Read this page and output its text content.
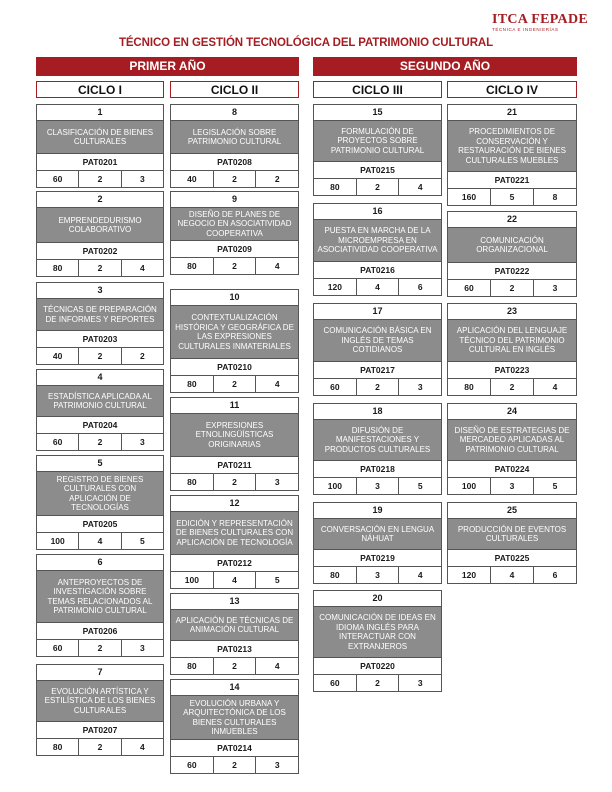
ITCA FEPADE
TÉCNICA E INGENIERÍAS
TÉCNICO EN GESTIÓN TECNOLÓGICA DEL PATRIMONIO CULTURAL
PRIMER AÑO	SEGUNDO AÑO
CICLO I	CICLO II	CICLO III	CICLO IV
1
CLASIFICACIÓN DE BIENES CULTURALES
PAT0201
60	2	3
2
EMPRENDEDURISMO COLABORATIVO
PAT0202
80	2	4
3
TÉCNICAS DE PREPARACIÓN DE INFORMES Y REPORTES
PAT0203
40	2	2
4
ESTADÍSTICA APLICADA AL PATRIMONIO CULTURAL
PAT0204
60	2	3
5
REGISTRO DE BIENES CULTURALES CON APLICACIÓN DE TECNOLOGÍAS
PAT0205
100	4	5
6
ANTEPROYECTOS DE INVESTIGACIÓN SOBRE TEMAS RELACIONADOS AL PATRIMONIO CULTURAL
PAT0206
60	2	3
7
EVOLUCIÓN ARTÍSTICA Y ESTILÍSTICA DE LOS BIENES CULTURALES
PAT0207
80	2	4
8
LEGISLACIÓN SOBRE PATRIMONIO CULTURAL
PAT0208
40	2	2
9
DISEÑO DE PLANES DE NEGOCIO EN ASOCIATIVIDAD COOPERATIVA
PAT0209
80	2	4
10
CONTEXTUALIZACIÓN HISTÓRICA Y GEOGRÁFICA DE LAS EXPRESIONES CULTURALES INMATERIALES
PAT0210
80	2	4
11
EXPRESIONES ETNOLINGÜÍSTICAS ORIGINARIAS
PAT0211
80	2	3
12
EDICIÓN Y REPRESENTACIÓN DE BIENES CULTURALES CON APLICACIÓN DE TECNOLOGÍA
PAT0212
100	4	5
13
APLICACIÓN DE TÉCNICAS DE ANIMACIÓN CULTURAL
PAT0213
80	2	4
14
EVOLUCIÓN URBANA Y ARQUITECTÓNICA DE LOS BIENES CULTURALES INMUEBLES
PAT0214
60	2	3
15
FORMULACIÓN DE PROYECTOS SOBRE PATRIMONIO CULTURAL
PAT0215
80	2	4
16
PUESTA EN MARCHA DE LA MICROEMPRESA EN ASOCIATIVIDAD COOPERATIVA
PAT0216
120	4	6
17
COMUNICACIÓN BÁSICA EN INGLÉS DE TEMAS COTIDIANOS
PAT0217
60	2	3
18
DIFUSIÓN DE MANIFESTACIONES Y PRODUCTOS CULTURALES
PAT0218
100	3	5
19
CONVERSACIÓN EN LENGUA NÁHUAT
PAT0219
80	3	4
20
COMUNICACIÓN DE IDEAS EN IDIOMA INGLÉS PARA INTERACTUAR CON EXTRANJEROS
PAT0220
60	2	3
21
PROCEDIMIENTOS DE CONSERVACIÓN Y RESTAURACIÓN DE BIENES CULTURALES MUEBLES
PAT0221
160	5	8
22
COMUNICACIÓN ORGANIZACIONAL
PAT0222
60	2	3
23
APLICACIÓN DEL LENGUAJE TÉCNICO DEL PATRIMONIO CULTURAL EN INGLÉS
PAT0223
80	2	4
24
DISEÑO DE ESTRATEGIAS DE MERCADEO APLICADAS AL PATRIMONIO CULTURAL
PAT0224
100	3	5
25
PRODUCCIÓN DE EVENTOS CULTURALES
PAT0225
120	4	6
